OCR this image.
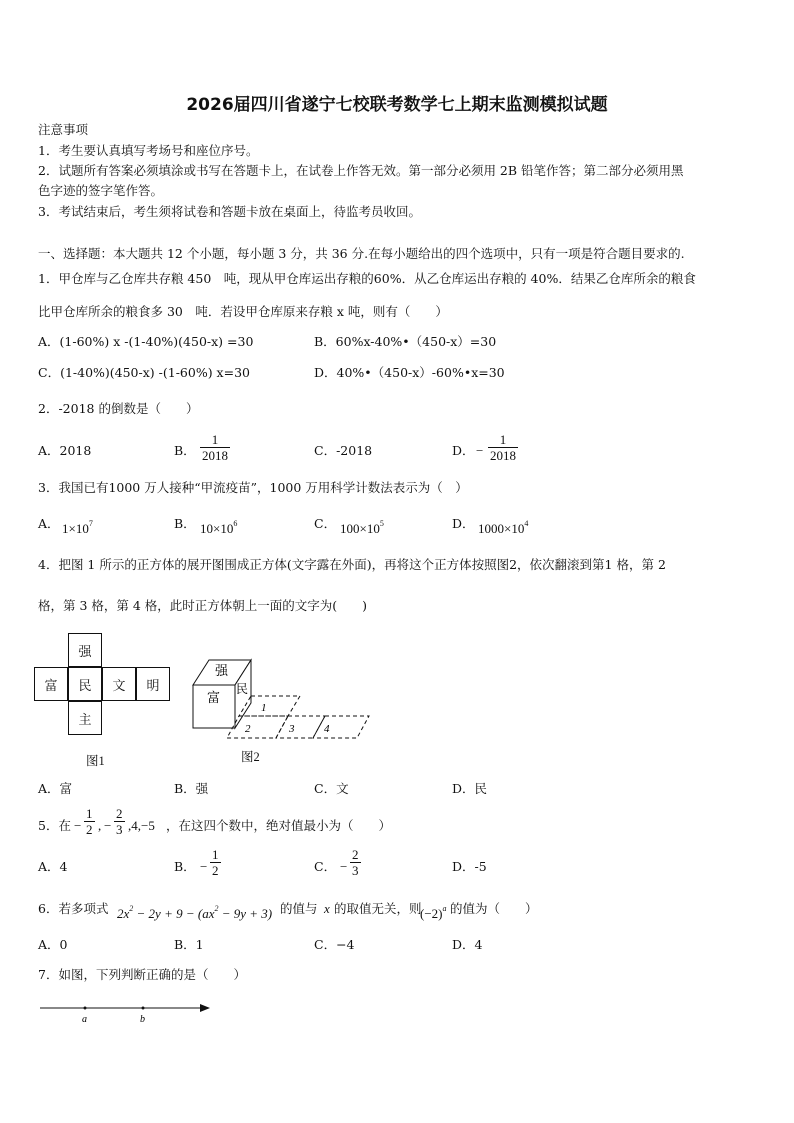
2026届四川省遂宁七校联考数学七上期末监测模拟试题
注意事项
1．考生要认真填写考场号和座位序号。
2．试题所有答案必须填涂或书写在答题卡上，在试卷上作答无效。第一部分必须用 2B 铅笔作答；第二部分必须用黑
色字迹的签字笔作答。
3．考试结束后，考生须将试卷和答题卡放在桌面上，待监考员收回。
一、选择题：本大题共 12 个小题，每小题 3 分，共 36 分.在每小题给出的四个选项中，只有一项是符合题目要求的.
1．甲仓库与乙仓库共存粮 450　吨，现从甲仓库运出存粮的60%．从乙仓库运出存粮的 40%．结果乙仓库所余的粮食
比甲仓库所余的粮食多 30　吨．若设甲仓库原来存粮 x 吨，则有（　　）
A．(1-60%) x -(1-40%)(450-x) =30	B．60%x-40%•（450-x）=30
C．(1-40%)(450-x) -(1-60%) x=30	D．40%•（450-x）-60%•x=30
2．-2018 的倒数是（　　）
A．2018	B． $\frac{1}{2018}$	C．-2018	D． − $\frac{1}{2018}$
3．我国已有1000 万人接种“甲流疫苗”，1000 万用科学计数法表示为（　）
A． $1\times 10^7$	B． $10\times 10^6$	C． $100\times 10^5$	D． $1000\times 10^4$
4．把图 1 所示的正方体的展开图围成正方体(文字露在外面)，再将这个正方体按照图2，依次翻滚到第1 格，第 2
格，第 3 格，第 4 格，此时正方体朝上一面的文字为(　　)
强
富	民	文	明
主
图1
强
富
民
1
2	3	4
图2
A．富	B．强	C．文	D．民
5．在 − $\frac{1}{2}$ , − $\frac{2}{3} ,4,-5$ ，在这四个数中，绝对值最小为（　　）
A．4	B． − $\frac{1}{2}$	C． − $\frac{2}{3}$	D．-5
6．若多项式 $2x^2 - 2y + 9 - (ax^2 - 9y + 3)$ 的值与 x 的取值无关，则
$(-2)^a$ 的值为（　　）
A．0	B．1	C．−4	D．4
7．如图，下列判断正确的是（　　）
a	b
